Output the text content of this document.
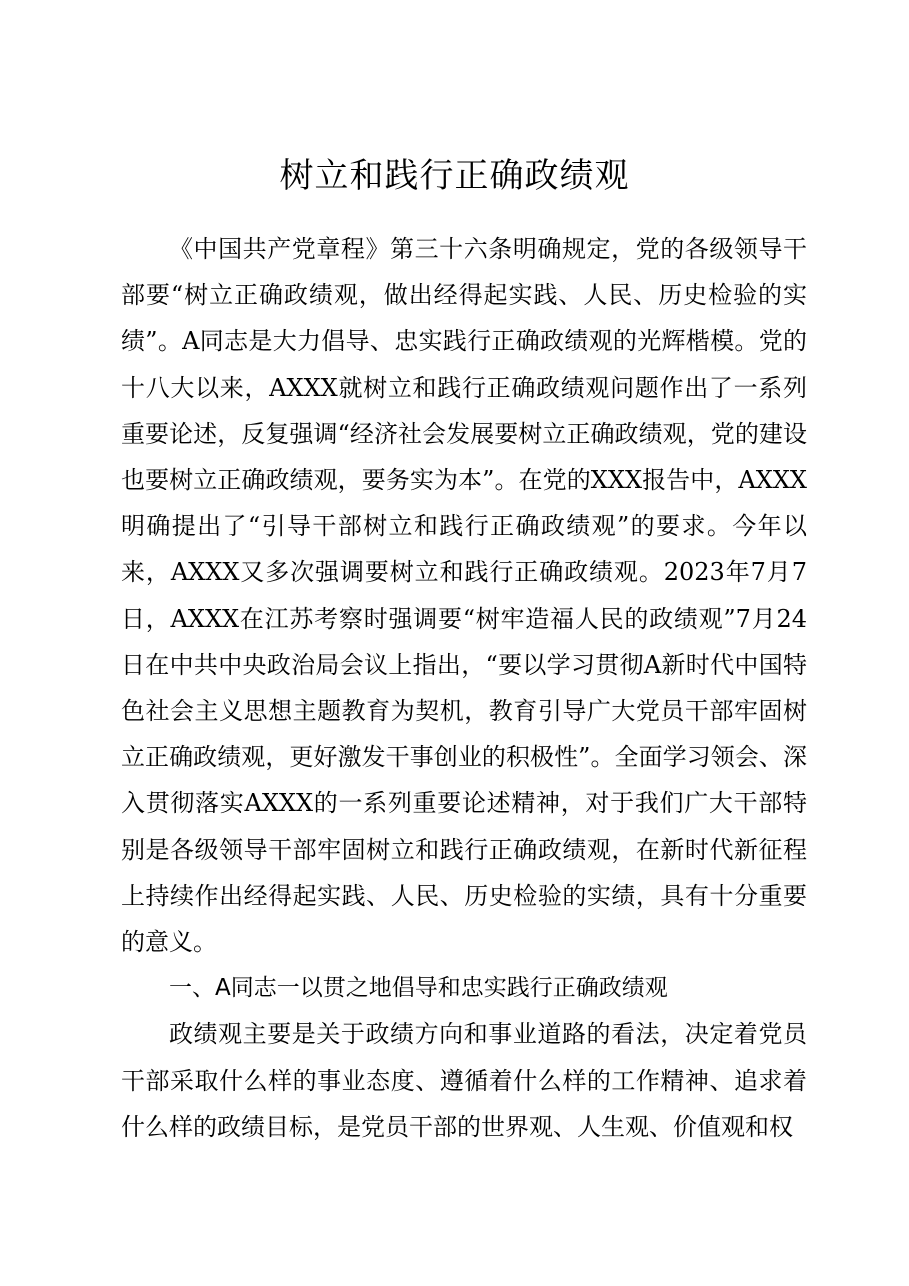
树立和践行正确政绩观

《中国共产党章程》第三十六条明确规定，党的各级领导干部要“树立正确政绩观，做出经得起实践、人民、历史检验的实绩”。A同志是大力倡导、忠实践行正确政绩观的光辉楷模。党的十八大以来，AXXX就树立和践行正确政绩观问题作出了一系列重要论述，反复强调“经济社会发展要树立正确政绩观，党的建设也要树立正确政绩观，要务实为本”。在党的XXX报告中，AXXX明确提出了“引导干部树立和践行正确政绩观”的要求。今年以来，AXXX又多次强调要树立和践行正确政绩观。2023年7月7日，AXXX在江苏考察时强调要“树牢造福人民的政绩观”7月24日在中共中央政治局会议上指出，“要以学习贯彻A新时代中国特色社会主义思想主题教育为契机，教育引导广大党员干部牢固树立正确政绩观，更好激发干事创业的积极性”。全面学习领会、深入贯彻落实AXXX的一系列重要论述精神，对于我们广大干部特别是各级领导干部牢固树立和践行正确政绩观，在新时代新征程上持续作出经得起实践、人民、历史检验的实绩，具有十分重要的意义。

一、A同志一以贯之地倡导和忠实践行正确政绩观

政绩观主要是关于政绩方向和事业道路的看法，决定着党员干部采取什么样的事业态度、遵循着什么样的工作精神、追求着什么样的政绩目标，是党员干部的世界观、人生观、价值观和权
